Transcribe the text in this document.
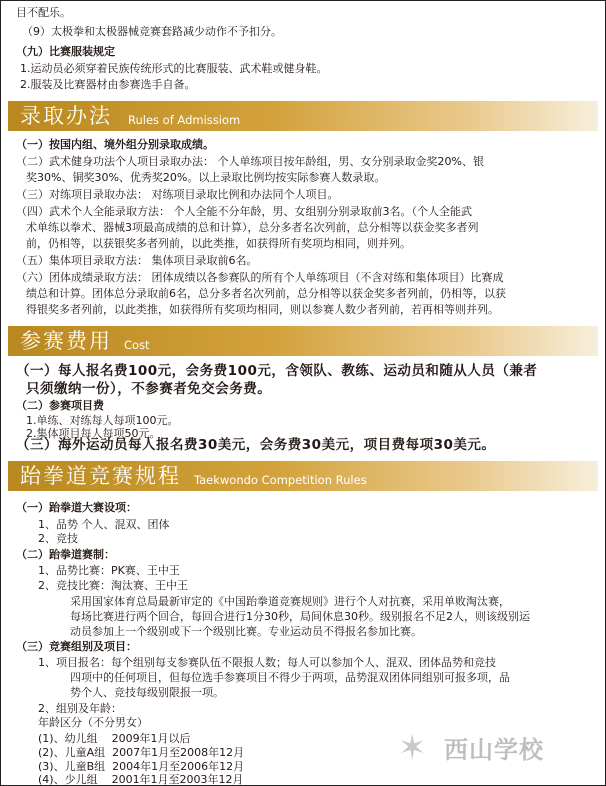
目不配乐。
（9）太极拳和太极器械竞赛套路减少动作不予扣分。
（九）比赛服装规定
1.运动员必须穿着民族传统形式的比赛服装、武术鞋或健身鞋。
2.服装及比赛器材由参赛选手自备。
录取办法 Rules of Admissiom
（一）按国内组、境外组分别录取成绩。
（二）武术健身功法个人项目录取办法： 个人单练项目按年龄组，男、女分别录取金奖20%、银
奖30%、铜奖30%、优秀奖20%。以上录取比例均按实际参赛人数录取。
（三）对练项目录取办法： 对练项目录取比例和办法同个人项目。
（四）武术个人全能录取方法： 个人全能不分年龄，男、女组别分别录取前3名。（个人全能武
术单练以拳术、器械3项最高成绩的总和计算），总分多者名次列前，总分相等以获金奖多者列
前，仍相等，以获银奖多者列前，以此类推，如获得所有奖项均相同，则并列。
（五）集体项目录取方法： 集体项目录取前6名。
（六）团体成绩录取方法： 团体成绩以各参赛队的所有个人单练项目（不含对练和集体项目）比赛成
绩总和计算。团体总分录取前6名，总分多者名次列前，总分相等以获金奖多者列前，仍相等，以获
得银奖多者列前，以此类推，如获得所有奖项均相同，则以参赛人数少者列前，若再相等则并列。
参赛费用 Cost
（一）每人报名费100元，会务费100元，含领队、教练、运动员和随从人员（兼者
只须缴纳一份），不参赛者免交会务费。
（二）参赛项目费
1.单练、对练每人每项100元。
2.集体项目每人每项50元。
（三）海外运动员每人报名费30美元，会务费30美元，项目费每项30美元。
跆拳道竞赛规程 Taekwondo Competition Rules
（一）跆拳道大赛设项：
1、品势 个人、混双、团体
2、竞技
（二）跆拳道赛制：
1、品势比赛：PK赛、王中王
2、竞技比赛：淘汰赛、王中王
采用国家体育总局最新审定的《中国跆拳道竞赛规则》进行个人对抗赛，采用单败淘汰赛，
每场比赛进行两个回合，每回合进行1分30秒，局间休息30秒。级别报名不足2人，则该级别运
动员参加上一个级别或下一个级别比赛。专业运动员不得报名参加比赛。
（三）竞赛组别及项目：
1、项目报名：每个组别每支参赛队伍不限报人数；每人可以参加个人、混双、团体品势和竞技
四项中的任何项目，但每位选手参赛项目不得少于两项，品势混双团体同组别可报多项，品
势个人、竞技每级别限报一项。
2、组别及年龄：
年龄区分（不分男女）
(1)、幼儿组    2009年1月以后
(2)、儿童A组  2007年1月至2008年12月
(3)、儿童B组  2004年1月至2006年12月
(4)、少儿组    2001年1月至2003年12月
✶ 西山学校
